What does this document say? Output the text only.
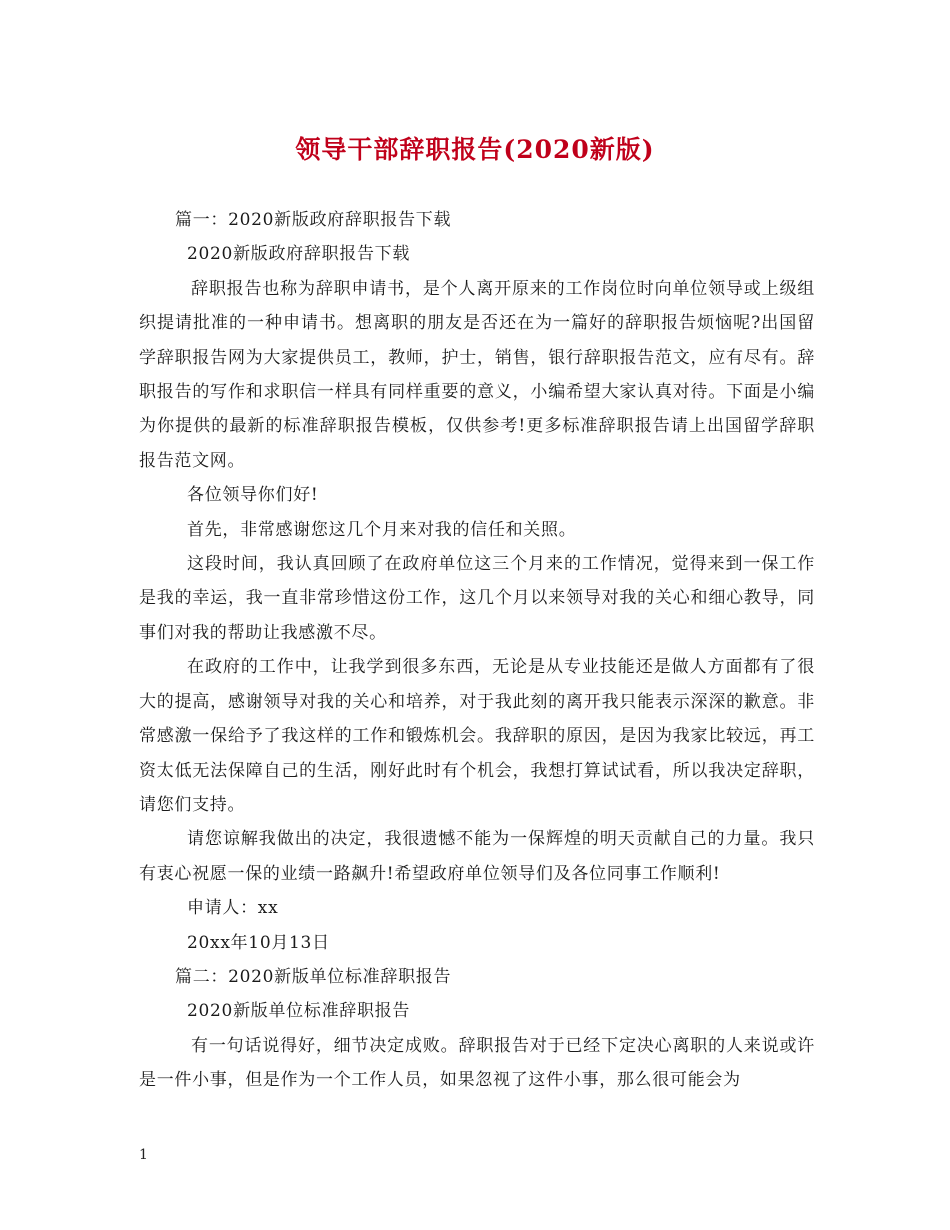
领导干部辞职报告(2020新版)

篇一：2020新版政府辞职报告下载

2020新版政府辞职报告下载

辞职报告也称为辞职申请书，是个人离开原来的工作岗位时向单位领导或上级组织提请批准的一种申请书。想离职的朋友是否还在为一篇好的辞职报告烦恼呢?出国留学辞职报告网为大家提供员工，教师，护士，销售，银行辞职报告范文，应有尽有。辞职报告的写作和求职信一样具有同样重要的意义，小编希望大家认真对待。下面是小编为你提供的最新的标准辞职报告模板，仅供参考!更多标准辞职报告请上出国留学辞职报告范文网。

各位领导你们好!

首先，非常感谢您这几个月来对我的信任和关照。

这段时间，我认真回顾了在政府单位这三个月来的工作情况，觉得来到一保工作是我的幸运，我一直非常珍惜这份工作，这几个月以来领导对我的关心和细心教导，同事们对我的帮助让我感激不尽。

在政府的工作中，让我学到很多东西，无论是从专业技能还是做人方面都有了很大的提高，感谢领导对我的关心和培养，对于我此刻的离开我只能表示深深的歉意。非常感激一保给予了我这样的工作和锻炼机会。我辞职的原因，是因为我家比较远，再工资太低无法保障自己的生活，刚好此时有个机会，我想打算试试看，所以我决定辞职，请您们支持。

请您谅解我做出的决定，我很遗憾不能为一保辉煌的明天贡献自己的力量。我只有衷心祝愿一保的业绩一路飙升!希望政府单位领导们及各位同事工作顺利!

申请人：xx

20xx年10月13日

篇二：2020新版单位标准辞职报告

2020新版单位标准辞职报告

有一句话说得好，细节决定成败。辞职报告对于已经下定决心离职的人来说或许是一件小事，但是作为一个工作人员，如果忽视了这件小事，那么很可能会为

1
